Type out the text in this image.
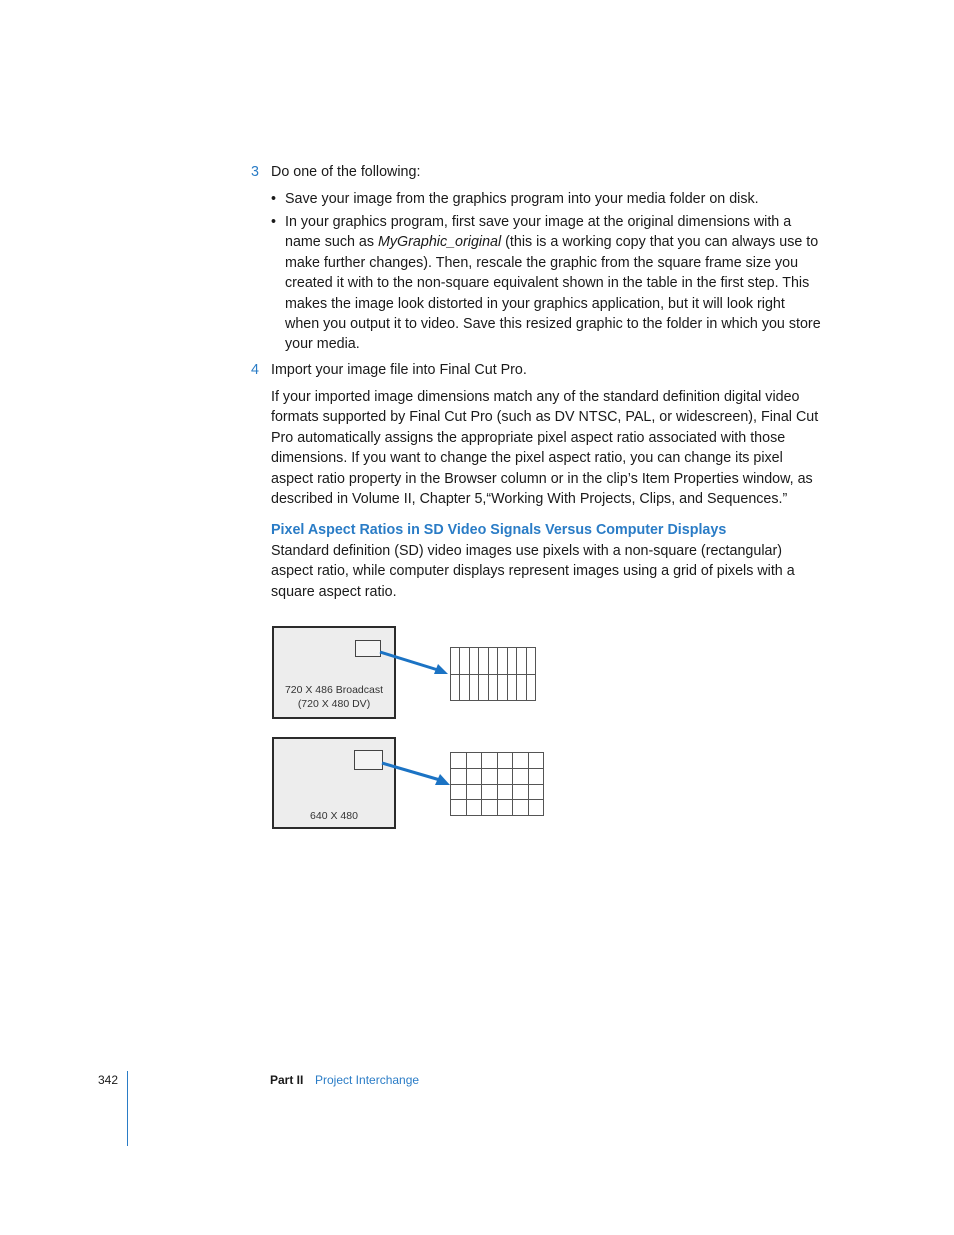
3 Do one of the following:
• Save your image from the graphics program into your media folder on disk.
• In your graphics program, first save your image at the original dimensions with a name such as MyGraphic_original (this is a working copy that you can always use to make further changes). Then, rescale the graphic from the square frame size you created it with to the non-square equivalent shown in the table in the first step. This makes the image look distorted in your graphics application, but it will look right when you output it to video. Save this resized graphic to the folder in which you store your media.
4 Import your image file into Final Cut Pro.
If your imported image dimensions match any of the standard definition digital video formats supported by Final Cut Pro (such as DV NTSC, PAL, or widescreen), Final Cut Pro automatically assigns the appropriate pixel aspect ratio associated with those dimensions. If you want to change the pixel aspect ratio, you can change its pixel aspect ratio property in the Browser column or in the clip’s Item Properties window, as described in Volume II, Chapter 5,“Working With Projects, Clips, and Sequences.”
Pixel Aspect Ratios in SD Video Signals Versus Computer Displays
Standard definition (SD) video images use pixels with a non-square (rectangular) aspect ratio, while computer displays represent images using a grid of pixels with a square aspect ratio.
720 X 486 Broadcast
(720 X 480 DV)
640 X 480
342	Part II Project Interchange
